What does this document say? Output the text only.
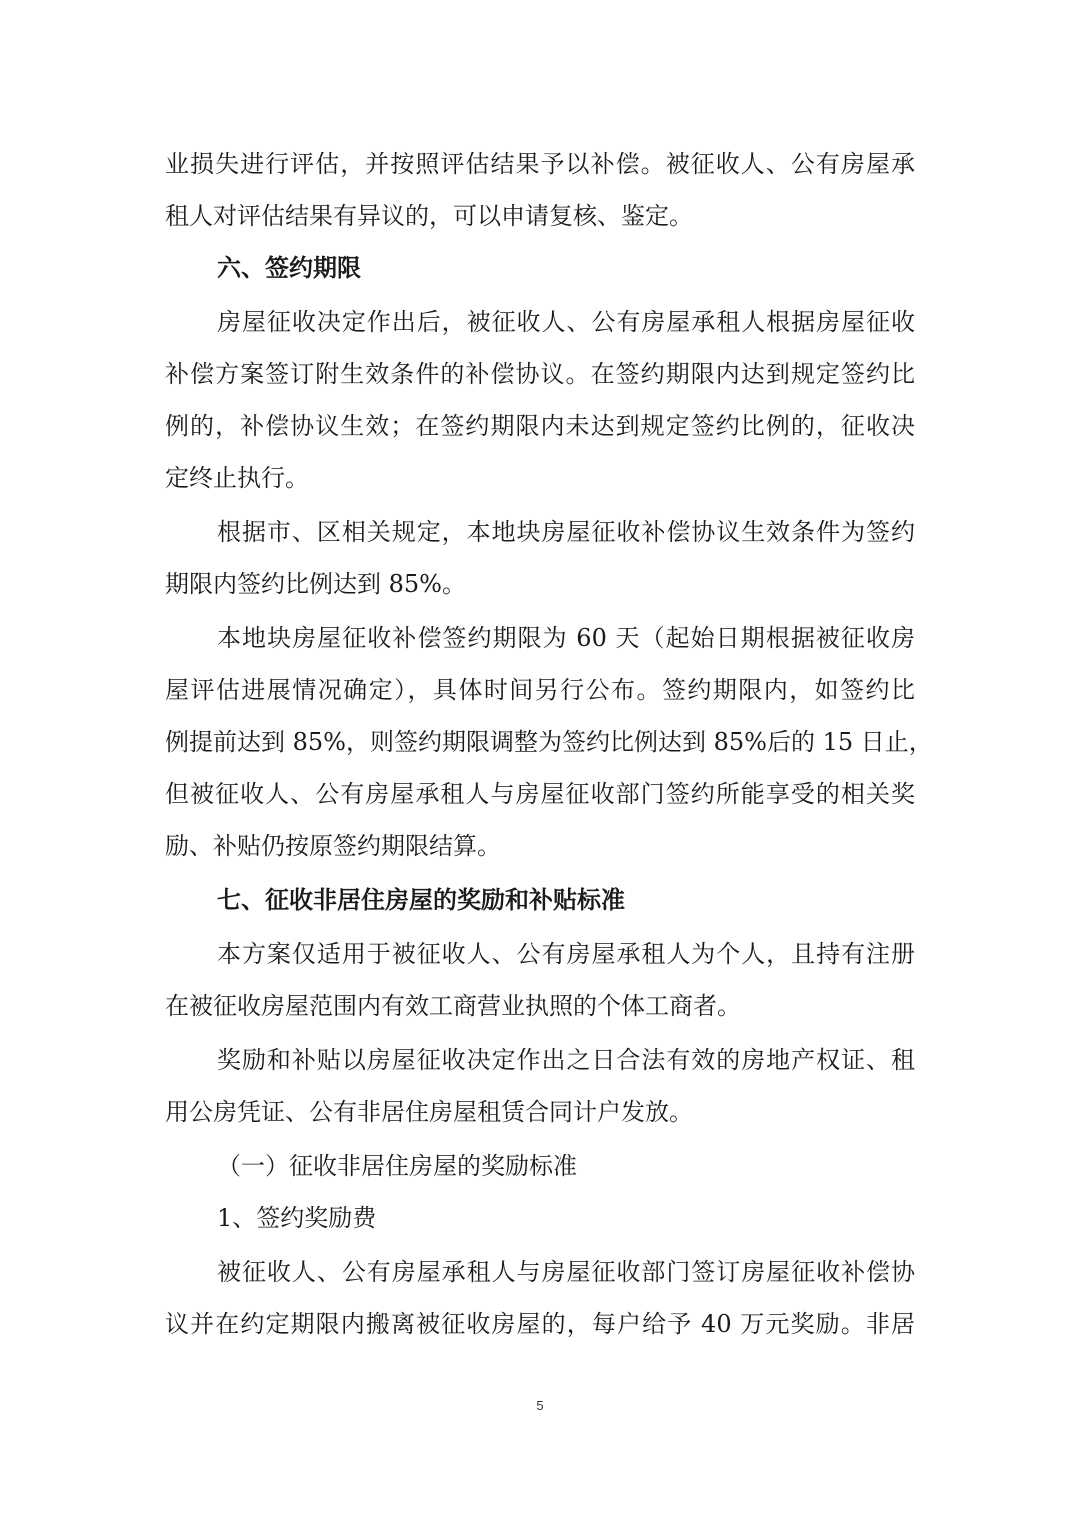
业损失进行评估，并按照评估结果予以补偿。被征收人、公有房屋承
租人对评估结果有异议的，可以申请复核、鉴定。
六、签约期限
房屋征收决定作出后，被征收人、公有房屋承租人根据房屋征收
补偿方案签订附生效条件的补偿协议。在签约期限内达到规定签约比
例的，补偿协议生效；在签约期限内未达到规定签约比例的，征收决
定终止执行。
根据市、区相关规定，本地块房屋征收补偿协议生效条件为签约
期限内签约比例达到 85%。
本地块房屋征收补偿签约期限为 60 天（起始日期根据被征收房
屋评估进展情况确定），具体时间另行公布。签约期限内，如签约比
例提前达到 85%，则签约期限调整为签约比例达到 85%后的 15 日止，
但被征收人、公有房屋承租人与房屋征收部门签约所能享受的相关奖
励、补贴仍按原签约期限结算。
七、征收非居住房屋的奖励和补贴标准
本方案仅适用于被征收人、公有房屋承租人为个人，且持有注册
在被征收房屋范围内有效工商营业执照的个体工商者。
奖励和补贴以房屋征收决定作出之日合法有效的房地产权证、租
用公房凭证、公有非居住房屋租赁合同计户发放。
（一）征收非居住房屋的奖励标准
1、签约奖励费
被征收人、公有房屋承租人与房屋征收部门签订房屋征收补偿协
议并在约定期限内搬离被征收房屋的，每户给予 40 万元奖励。非居
5
